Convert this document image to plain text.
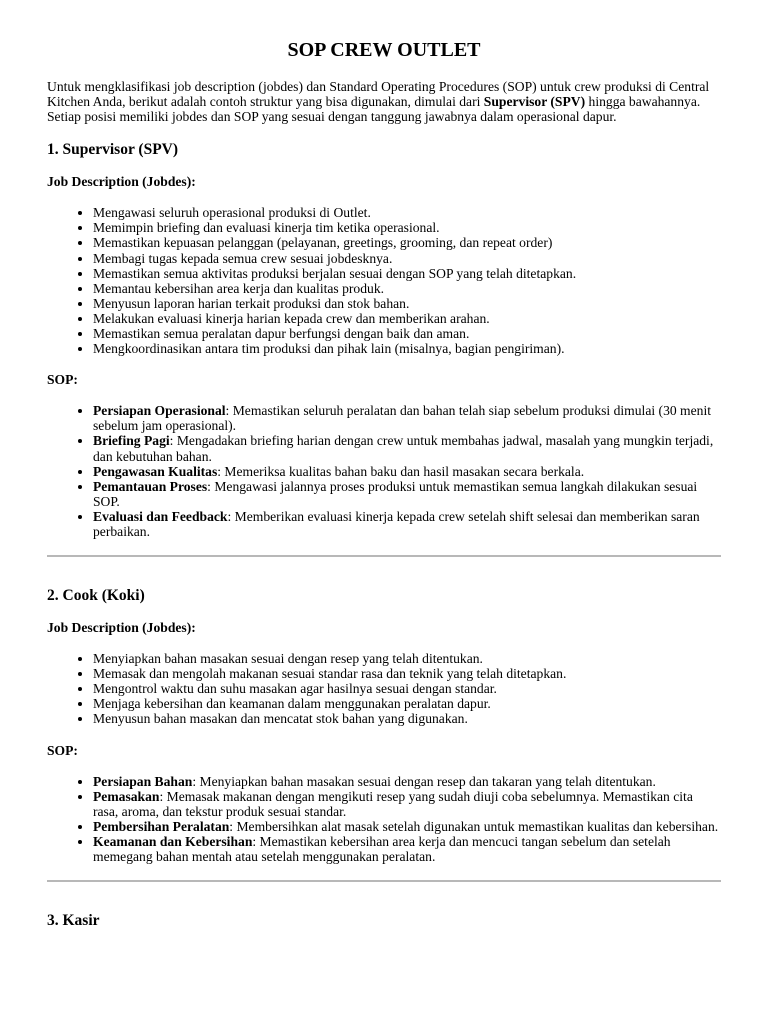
SOP CREW OUTLET

Untuk mengklasifikasi job description (jobdes) dan Standard Operating Procedures (SOP) untuk crew produksi di Central Kitchen Anda, berikut adalah contoh struktur yang bisa digunakan, dimulai dari Supervisor (SPV) hingga bawahannya. Setiap posisi memiliki jobdes dan SOP yang sesuai dengan tanggung jawabnya dalam operasional dapur.

1. Supervisor (SPV)
Job Description (Jobdes):
• Mengawasi seluruh operasional produksi di Outlet.
• Memimpin briefing dan evaluasi kinerja tim ketika operasional.
• Memastikan kepuasan pelanggan (pelayanan, greetings, grooming, dan repeat order)
• Membagi tugas kepada semua crew sesuai jobdesknya.
• Memastikan semua aktivitas produksi berjalan sesuai dengan SOP yang telah ditetapkan.
• Memantau kebersihan area kerja dan kualitas produk.
• Menyusun laporan harian terkait produksi dan stok bahan.
• Melakukan evaluasi kinerja harian kepada crew dan memberikan arahan.
• Memastikan semua peralatan dapur berfungsi dengan baik dan aman.
• Mengkoordinasikan antara tim produksi dan pihak lain (misalnya, bagian pengiriman).
SOP:
• Persiapan Operasional: Memastikan seluruh peralatan dan bahan telah siap sebelum produksi dimulai (30 menit sebelum jam operasional).
• Briefing Pagi: Mengadakan briefing harian dengan crew untuk membahas jadwal, masalah yang mungkin terjadi, dan kebutuhan bahan.
• Pengawasan Kualitas: Memeriksa kualitas bahan baku dan hasil masakan secara berkala.
• Pemantauan Proses: Mengawasi jalannya proses produksi untuk memastikan semua langkah dilakukan sesuai SOP.
• Evaluasi dan Feedback: Memberikan evaluasi kinerja kepada crew setelah shift selesai dan memberikan saran perbaikan.
2. Cook (Koki)
Job Description (Jobdes):
• Menyiapkan bahan masakan sesuai dengan resep yang telah ditentukan.
• Memasak dan mengolah makanan sesuai standar rasa dan teknik yang telah ditetapkan.
• Mengontrol waktu dan suhu masakan agar hasilnya sesuai dengan standar.
• Menjaga kebersihan dan keamanan dalam menggunakan peralatan dapur.
• Menyusun bahan masakan dan mencatat stok bahan yang digunakan.
SOP:
• Persiapan Bahan: Menyiapkan bahan masakan sesuai dengan resep dan takaran yang telah ditentukan.
• Pemasakan: Memasak makanan dengan mengikuti resep yang sudah diuji coba sebelumnya. Memastikan cita rasa, aroma, dan tekstur produk sesuai standar.
• Pembersihan Peralatan: Membersihkan alat masak setelah digunakan untuk memastikan kualitas dan kebersihan.
• Keamanan dan Kebersihan: Memastikan kebersihan area kerja dan mencuci tangan sebelum dan setelah memegang bahan mentah atau setelah menggunakan peralatan.
3. Kasir
